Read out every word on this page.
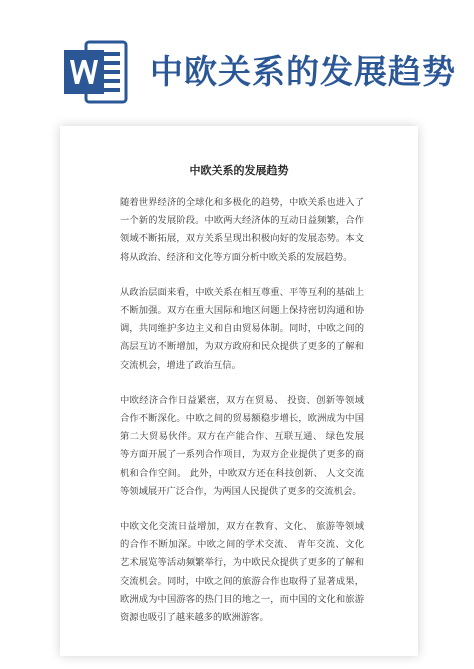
中欧关系的发展趋势
中欧关系的发展趋势

随着世界经济的全球化和多极化的趋势，中欧关系也进入了一个新的发展阶段。中欧两大经济体的互动日益频繁，合作领域不断拓展，双方关系呈现出积极向好的发展态势。本文将从政治、经济和文化等方面分析中欧关系的发展趋势。

从政治层面来看，中欧关系在相互尊重、平等互利的基础上不断加强。双方在重大国际和地区问题上保持密切沟通和协调，共同维护多边主义和自由贸易体制。同时，中欧之间的高层互访不断增加，为双方政府和民众提供了更多的了解和交流机会，增进了政治互信。

中欧经济合作日益紧密，双方在贸易、 投资、创新等领域合作不断深化。中欧之间的贸易额稳步增长，欧洲成为中国第二大贸易伙伴。双方在产能合作、互联互通、 绿色发展等方面开展了一系列合作项目，为双方企业提供了更多的商机和合作空间。 此外，中欧双方还在科技创新、 人文交流等领域展开广泛合作，为两国人民提供了更多的交流机会。

中欧文化交流日益增加，双方在教育、文化、 旅游等领域的合作不断加深。中欧之间的学术交流、 青年交流、文化艺术展览等活动频繁举行，为中欧民众提供了更多的了解和交流机会。同时，中欧之间的旅游合作也取得了显著成果，欧洲成为中国游客的热门目的地之一，而中国的文化和旅游资源也吸引了越来越多的欧洲游客。
